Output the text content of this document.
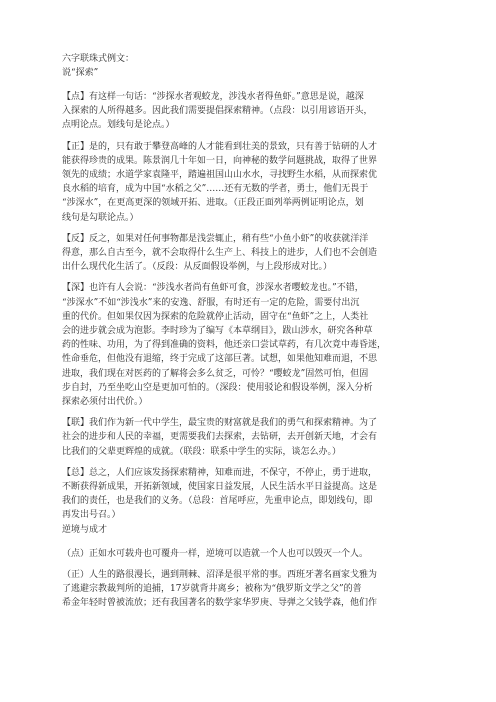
六字联珠式例文：

说“探索”

【点】有这样一句话：“涉探水者观蛟龙，涉浅水者得鱼虾。”意思是说，越深

入探索的人所得越多。因此我们需要提倡探索精神。（点段：以引用谚语开头，

点明论点。划线句是论点。）

【正】是的，只有敢于攀登高峰的人才能看到壮美的景致，只有善于钻研的人才

能获得珍贵的成果。陈景润几十年如一日，向神秘的数学问题挑战，取得了世界

领先的成绩；水道学家袁隆平，踏遍祖国山山水水，寻找野生水稻，从而探索优

良水稻的培育，成为中国“水稻之父”……还有无数的学者，勇士，他们无畏于

“涉深水”，在更高更深的领域开拓、进取。（正段正面列举两例证明论点，划

线句是勾联论点。）

【反】反之，如果对任何事物都是浅尝辄止，稍有些“小鱼小虾”的收获就洋洋

得意，那么自古至今，就不会取得什么生产上、科技上的进步，人们也不会创造

出什么现代化生活了。（反段：从反面假设举例，与上段形成对比。）

【深】也许有人会说：“涉浅水者尚有鱼虾可食，涉深水者嘤蛟龙也。”不错，

“涉深水”不如“涉浅水”来的安逸、舒服，有时还有一定的危险，需要付出沉

重的代价。但如果仅因为探索的危险就停止活动，固守在“鱼虾”之上，人类社

会的进步就会成为泡影。李时珍为了编写《本草纲目》，跋山涉水，研究各种草

药的性味、功用，为了得到准确的资料，他还亲口尝试草药，有几次竟中毒昏迷，

性命垂危，但他没有退缩，终于完成了这部巨著。试想，如果他知难而退，不思

进取，我们现在对医药的了解将会多么贫乏，可怜？“嘤蛟龙”固然可怕，但固

步自封，乃至坐吃山空是更加可怕的。（深段：使用驳论和假设举例，深入分析

探索必须付出代价。）

【联】我们作为新一代中学生，最宝贵的财富就是我们的勇气和探索精神。为了

社会的进步和人民的幸福，更需要我们去探索，去钻研，去开创新天地，才会有

比我们的父辈更辉煌的成就。（联段：联系中学生的实际，谈怎么办。）

【总】总之，人们应该发扬探索精神，知难而进，不保守，不停止，勇于进取，

不断获得新成果，开拓新领域，使国家日益发展，人民生活水平日益提高。这是

我们的责任，也是我们的义务。（总段：首尾呼应，先重申论点，即划线句，即

再发出号召。）

逆境与成才

（点）正如水可载舟也可覆舟一样，逆境可以造就一个人也可以毁灭一个人。

（正）人生的路很漫长，遇到荆棘、沼泽是很平常的事。西班牙著名画家戈雅为

了逃避宗教裁判所的追捕，17岁就背井离乡；被称为“俄罗斯文学之父”的普

希金年轻时曾被流放；还有我国著名的数学家华罗庚、导弹之父钱学森，他们作
